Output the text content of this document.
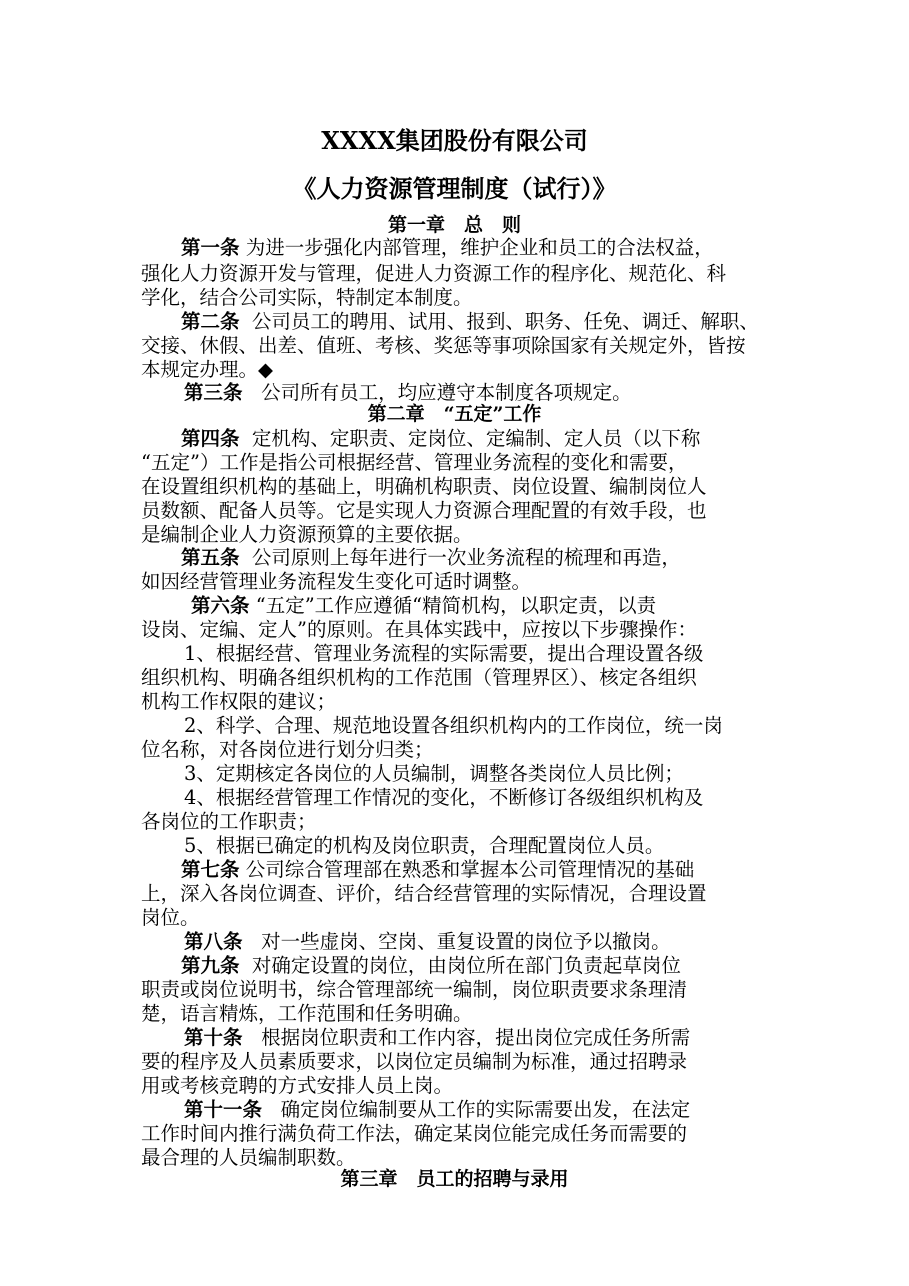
XXXX集团股份有限公司
《人力资源管理制度（试行）》
第一章　总　则
第一条 为进一步强化内部管理，维护企业和员工的合法权益，
强化人力资源开发与管理，促进人力资源工作的程序化、规范化、科
学化，结合公司实际，特制定本制度。
第二条 公司员工的聘用、试用、报到、职务、任免、调迁、解职、
交接、休假、出差、值班、考核、奖惩等事项除国家有关规定外，皆按
本规定办理。◆
第三条 公司所有员工，均应遵守本制度各项规定。
第二章　“五定”工作
第四条 定机构、定职责、定岗位、定编制、定人员（以下称
“五定”）工作是指公司根据经营、管理业务流程的变化和需要，
在设置组织机构的基础上，明确机构职责、岗位设置、编制岗位人
员数额、配备人员等。它是实现人力资源合理配置的有效手段，也
是编制企业人力资源预算的主要依据。
第五条 公司原则上每年进行一次业务流程的梳理和再造，
如因经营管理业务流程发生变化可适时调整。
第六条 “五定”工作应遵循“精简机构，以职定责，以责
设岗、定编、定人”的原则。在具体实践中，应按以下步骤操作：
1、根据经营、管理业务流程的实际需要，提出合理设置各级
组织机构、明确各组织机构的工作范围（管理界区）、核定各组织
机构工作权限的建议；
2、科学、合理、规范地设置各组织机构内的工作岗位，统一岗
位名称，对各岗位进行划分归类；
3、定期核定各岗位的人员编制，调整各类岗位人员比例；
4、根据经营管理工作情况的变化，不断修订各级组织机构及
各岗位的工作职责；
5、根据已确定的机构及岗位职责，合理配置岗位人员。
第七条 公司综合管理部在熟悉和掌握本公司管理情况的基础
上，深入各岗位调查、评价，结合经营管理的实际情况，合理设置
岗位。
第八条 对一些虚岗、空岗、重复设置的岗位予以撤岗。
第九条 对确定设置的岗位，由岗位所在部门负责起草岗位
职责或岗位说明书，综合管理部统一编制，岗位职责要求条理清
楚，语言精炼，工作范围和任务明确。
第十条 根据岗位职责和工作内容，提出岗位完成任务所需
要的程序及人员素质要求，以岗位定员编制为标准，通过招聘录
用或考核竞聘的方式安排人员上岗。
第十一条 确定岗位编制要从工作的实际需要出发，在法定
工作时间内推行满负荷工作法，确定某岗位能完成任务而需要的
最合理的人员编制职数。
第三章　员工的招聘与录用
